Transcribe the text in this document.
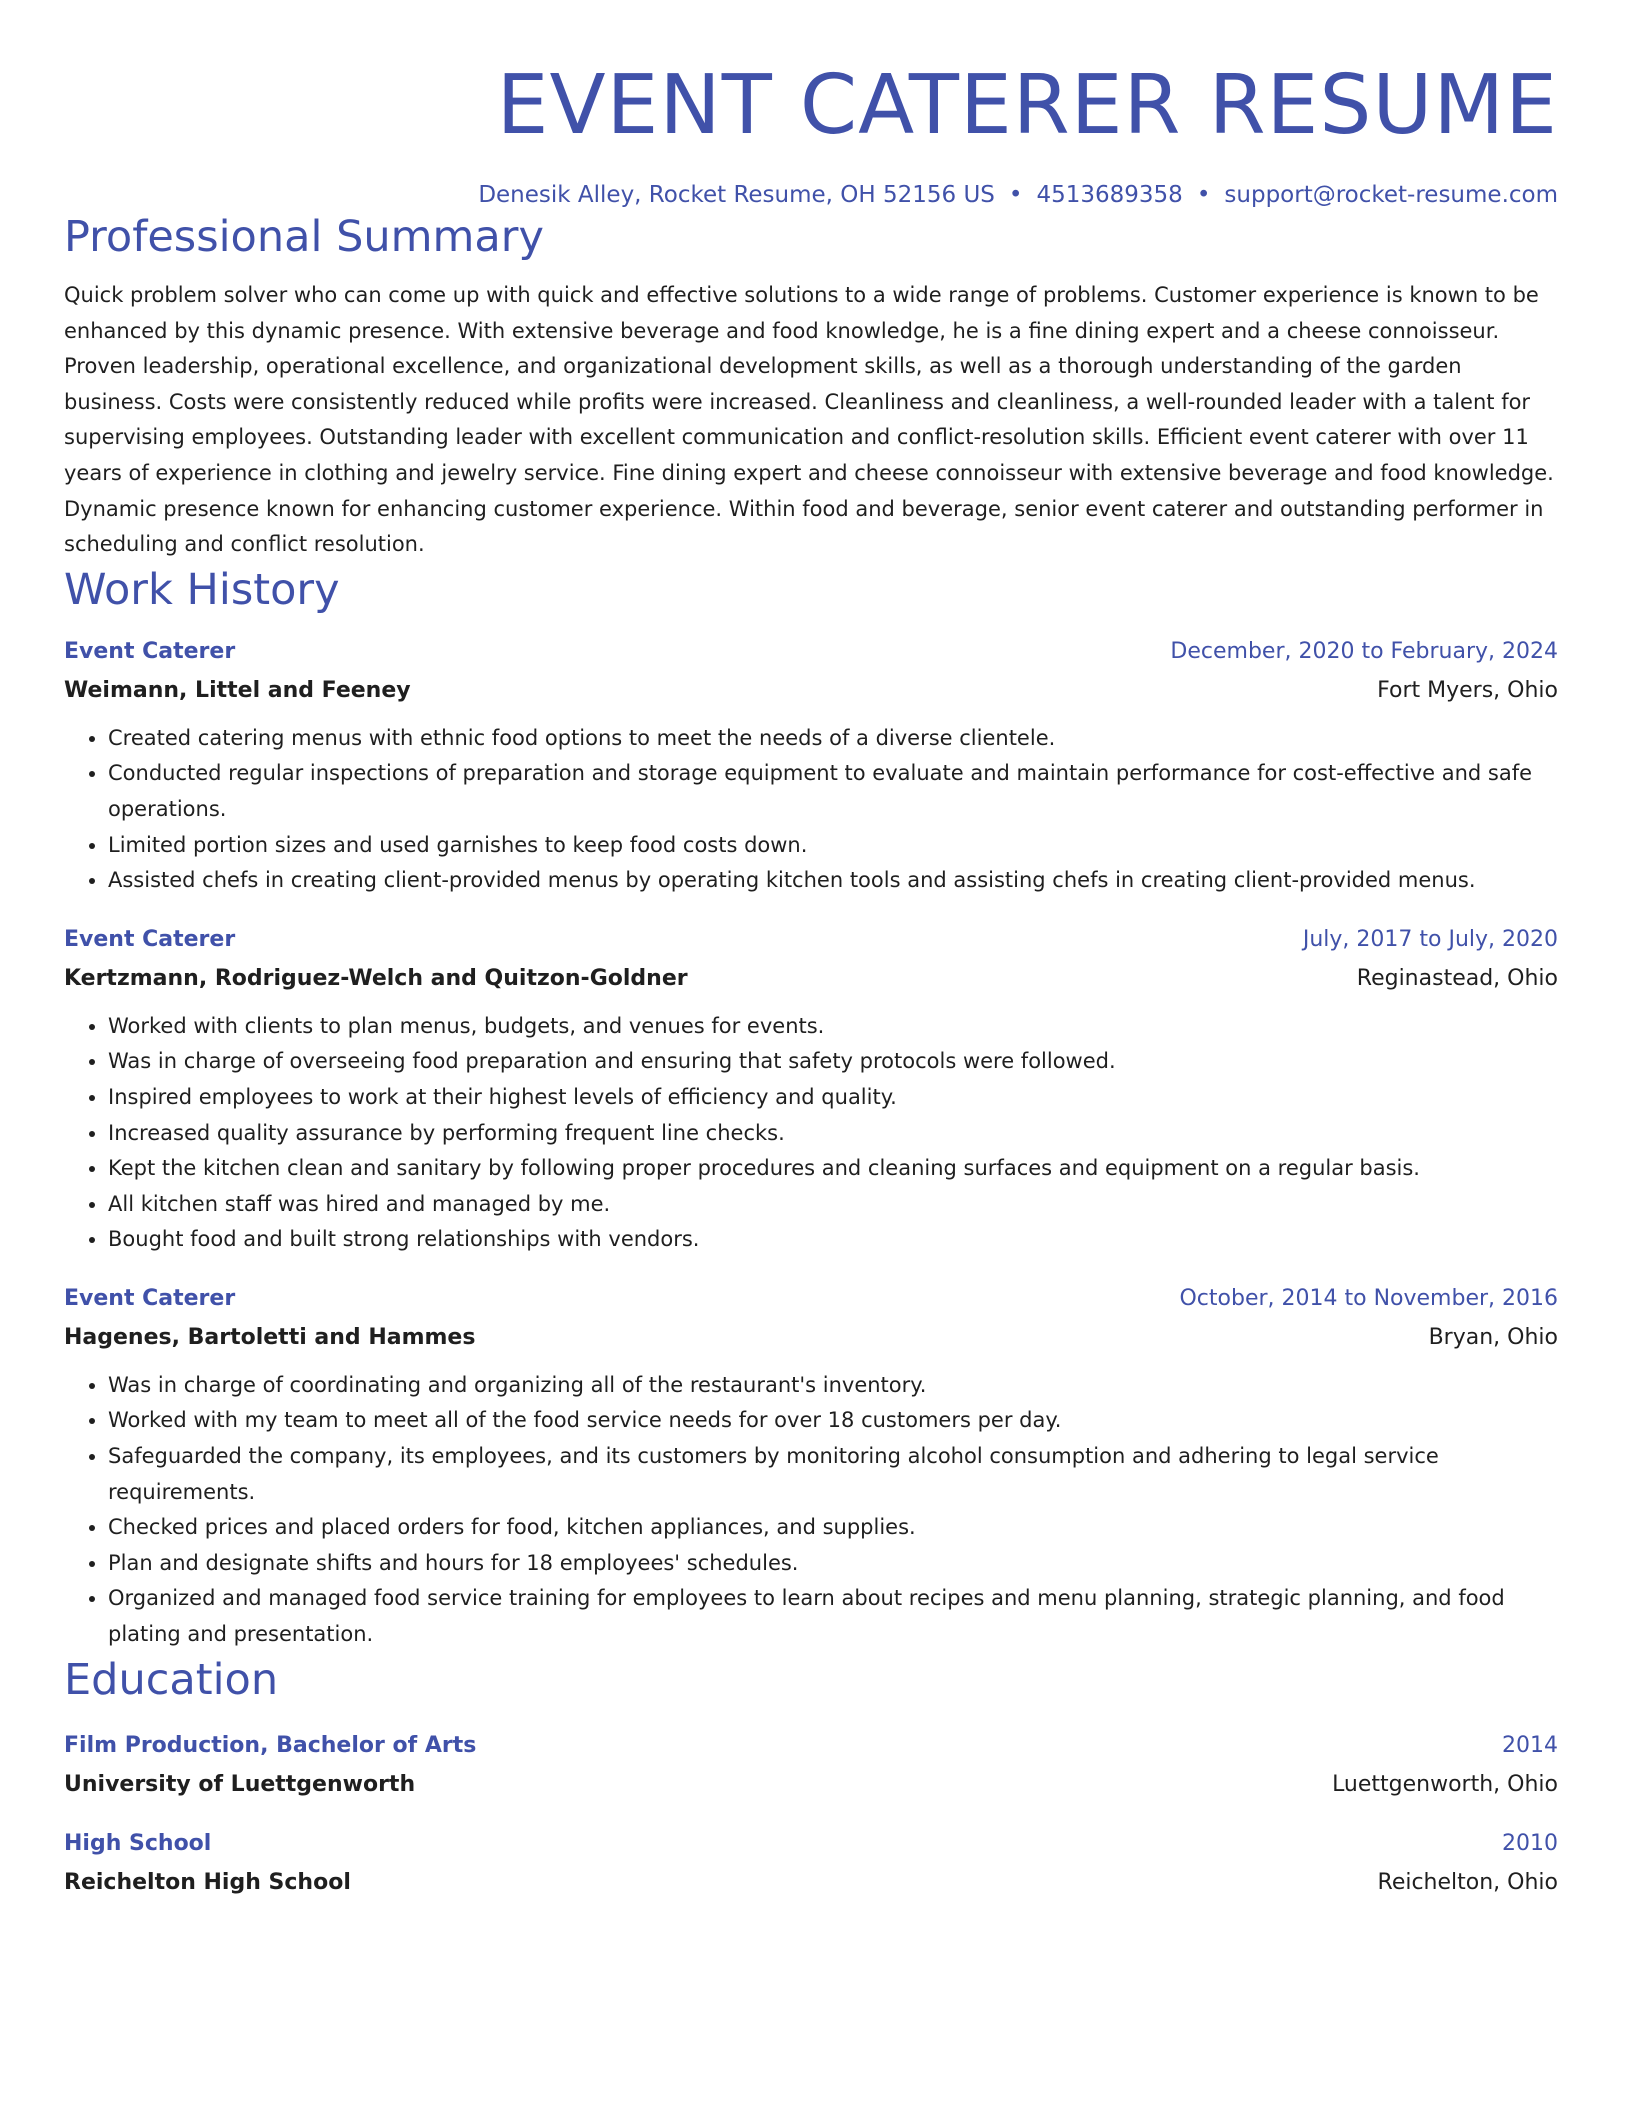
EVENT CATERER RESUME
Denesik Alley, Rocket Resume, OH 52156 US • 4513689358 • support@rocket-resume.com
Professional Summary

Quick problem solver who can come up with quick and effective solutions to a wide range of problems. Customer experience is known to be enhanced by this dynamic presence. With extensive beverage and food knowledge, he is a fine dining expert and a cheese connoisseur. Proven leadership, operational excellence, and organizational development skills, as well as a thorough understanding of the garden business. Costs were consistently reduced while profits were increased. Cleanliness and cleanliness, a well-rounded leader with a talent for supervising employees. Outstanding leader with excellent communication and conflict-resolution skills. Efficient event caterer with over 11 years of experience in clothing and jewelry service. Fine dining expert and cheese connoisseur with extensive beverage and food knowledge. Dynamic presence known for enhancing customer experience. Within food and beverage, senior event caterer and outstanding performer in scheduling and conflict resolution.

Work History
Event Caterer	December, 2020 to February, 2024
Weimann, Littel and Feeney	Fort Myers, Ohio
• Created catering menus with ethnic food options to meet the needs of a diverse clientele.
• Conducted regular inspections of preparation and storage equipment to evaluate and maintain performance for cost-effective and safe operations.
• Limited portion sizes and used garnishes to keep food costs down.
• Assisted chefs in creating client-provided menus by operating kitchen tools and assisting chefs in creating client-provided menus.
Event Caterer	July, 2017 to July, 2020
Kertzmann, Rodriguez-Welch and Quitzon-Goldner	Reginastead, Ohio
• Worked with clients to plan menus, budgets, and venues for events.
• Was in charge of overseeing food preparation and ensuring that safety protocols were followed.
• Inspired employees to work at their highest levels of efficiency and quality.
• Increased quality assurance by performing frequent line checks.
• Kept the kitchen clean and sanitary by following proper procedures and cleaning surfaces and equipment on a regular basis.
• All kitchen staff was hired and managed by me.
• Bought food and built strong relationships with vendors.
Event Caterer	October, 2014 to November, 2016
Hagenes, Bartoletti and Hammes	Bryan, Ohio
• Was in charge of coordinating and organizing all of the restaurant's inventory.
• Worked with my team to meet all of the food service needs for over 18 customers per day.
• Safeguarded the company, its employees, and its customers by monitoring alcohol consumption and adhering to legal service requirements.
• Checked prices and placed orders for food, kitchen appliances, and supplies.
• Plan and designate shifts and hours for 18 employees' schedules.
• Organized and managed food service training for employees to learn about recipes and menu planning, strategic planning, and food plating and presentation.
Education
Film Production, Bachelor of Arts	2014
University of Luettgenworth	Luettgenworth, Ohio
High School	2010
Reichelton High School	Reichelton, Ohio
